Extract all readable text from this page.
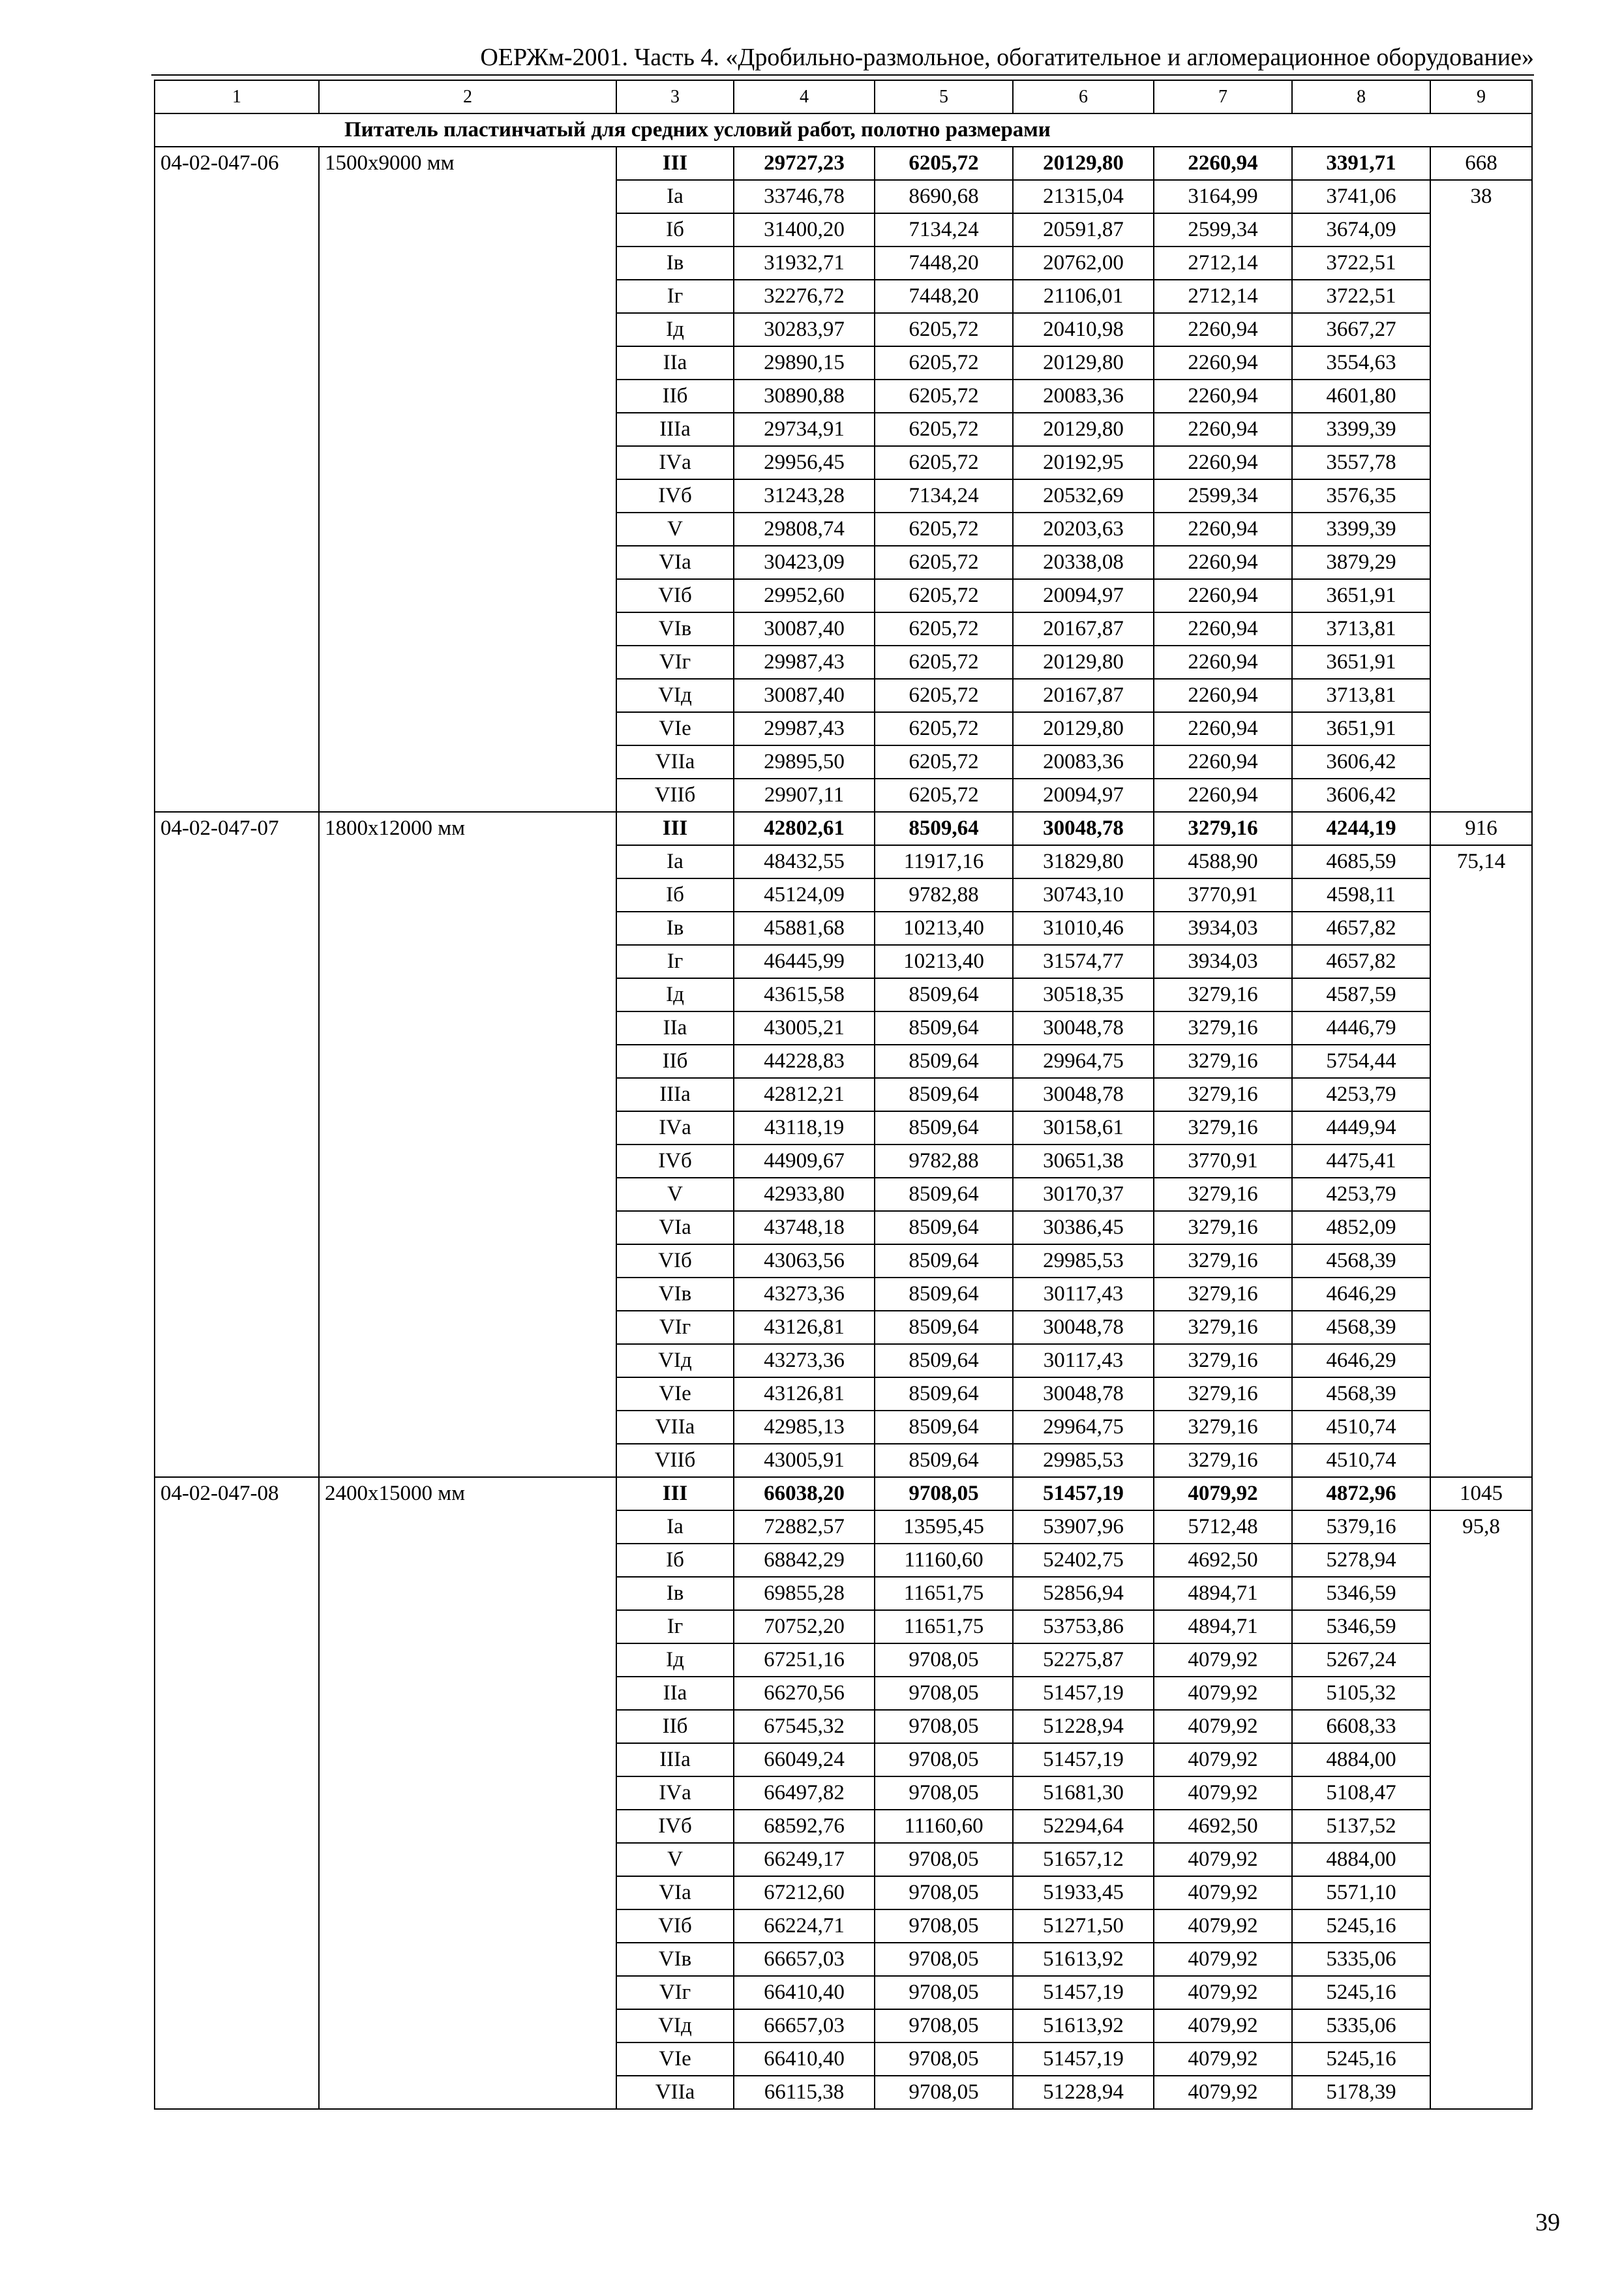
ОЕРЖм-2001. Часть 4. «Дробильно-размольное, обогатительное и агломерационное оборудование»
1	2	3	4	5	6	7	8	9
Питатель пластинчатый для средних условий работ, полотно размерами								
04-02-047-06	1500х9000 мм	III	29727,23	6205,72	20129,80	2260,94	3391,71	668
		Iа	33746,78	8690,68	21315,04	3164,99	3741,06	38
		Iб	31400,20	7134,24	20591,87	2599,34	3674,09	
		Iв	31932,71	7448,20	20762,00	2712,14	3722,51	
		Iг	32276,72	7448,20	21106,01	2712,14	3722,51	
		Iд	30283,97	6205,72	20410,98	2260,94	3667,27	
		IIа	29890,15	6205,72	20129,80	2260,94	3554,63	
		IIб	30890,88	6205,72	20083,36	2260,94	4601,80	
		IIIа	29734,91	6205,72	20129,80	2260,94	3399,39	
		IVа	29956,45	6205,72	20192,95	2260,94	3557,78	
		IVб	31243,28	7134,24	20532,69	2599,34	3576,35	
		V	29808,74	6205,72	20203,63	2260,94	3399,39	
		VIа	30423,09	6205,72	20338,08	2260,94	3879,29	
		VIб	29952,60	6205,72	20094,97	2260,94	3651,91	
		VIв	30087,40	6205,72	20167,87	2260,94	3713,81	
		VIг	29987,43	6205,72	20129,80	2260,94	3651,91	
		VIд	30087,40	6205,72	20167,87	2260,94	3713,81	
		VIе	29987,43	6205,72	20129,80	2260,94	3651,91	
		VIIа	29895,50	6205,72	20083,36	2260,94	3606,42	
		VIIб	29907,11	6205,72	20094,97	2260,94	3606,42	
04-02-047-07	1800х12000 мм	III	42802,61	8509,64	30048,78	3279,16	4244,19	916
		Iа	48432,55	11917,16	31829,80	4588,90	4685,59	75,14
		Iб	45124,09	9782,88	30743,10	3770,91	4598,11	
		Iв	45881,68	10213,40	31010,46	3934,03	4657,82	
		Iг	46445,99	10213,40	31574,77	3934,03	4657,82	
		Iд	43615,58	8509,64	30518,35	3279,16	4587,59	
		IIа	43005,21	8509,64	30048,78	3279,16	4446,79	
		IIб	44228,83	8509,64	29964,75	3279,16	5754,44	
		IIIа	42812,21	8509,64	30048,78	3279,16	4253,79	
		IVа	43118,19	8509,64	30158,61	3279,16	4449,94	
		IVб	44909,67	9782,88	30651,38	3770,91	4475,41	
		V	42933,80	8509,64	30170,37	3279,16	4253,79	
		VIа	43748,18	8509,64	30386,45	3279,16	4852,09	
		VIб	43063,56	8509,64	29985,53	3279,16	4568,39	
		VIв	43273,36	8509,64	30117,43	3279,16	4646,29	
		VIг	43126,81	8509,64	30048,78	3279,16	4568,39	
		VIд	43273,36	8509,64	30117,43	3279,16	4646,29	
		VIе	43126,81	8509,64	30048,78	3279,16	4568,39	
		VIIа	42985,13	8509,64	29964,75	3279,16	4510,74	
		VIIб	43005,91	8509,64	29985,53	3279,16	4510,74	
04-02-047-08	2400х15000 мм	III	66038,20	9708,05	51457,19	4079,92	4872,96	1045
		Iа	72882,57	13595,45	53907,96	5712,48	5379,16	95,8
		Iб	68842,29	11160,60	52402,75	4692,50	5278,94	
		Iв	69855,28	11651,75	52856,94	4894,71	5346,59	
		Iг	70752,20	11651,75	53753,86	4894,71	5346,59	
		Iд	67251,16	9708,05	52275,87	4079,92	5267,24	
		IIа	66270,56	9708,05	51457,19	4079,92	5105,32	
		IIб	67545,32	9708,05	51228,94	4079,92	6608,33	
		IIIа	66049,24	9708,05	51457,19	4079,92	4884,00	
		IVа	66497,82	9708,05	51681,30	4079,92	5108,47	
		IVб	68592,76	11160,60	52294,64	4692,50	5137,52	
		V	66249,17	9708,05	51657,12	4079,92	4884,00	
		VIа	67212,60	9708,05	51933,45	4079,92	5571,10	
		VIб	66224,71	9708,05	51271,50	4079,92	5245,16	
		VIв	66657,03	9708,05	51613,92	4079,92	5335,06	
		VIг	66410,40	9708,05	51457,19	4079,92	5245,16	
		VIд	66657,03	9708,05	51613,92	4079,92	5335,06	
		VIе	66410,40	9708,05	51457,19	4079,92	5245,16	
		VIIа	66115,38	9708,05	51228,94	4079,92	5178,39	
39
